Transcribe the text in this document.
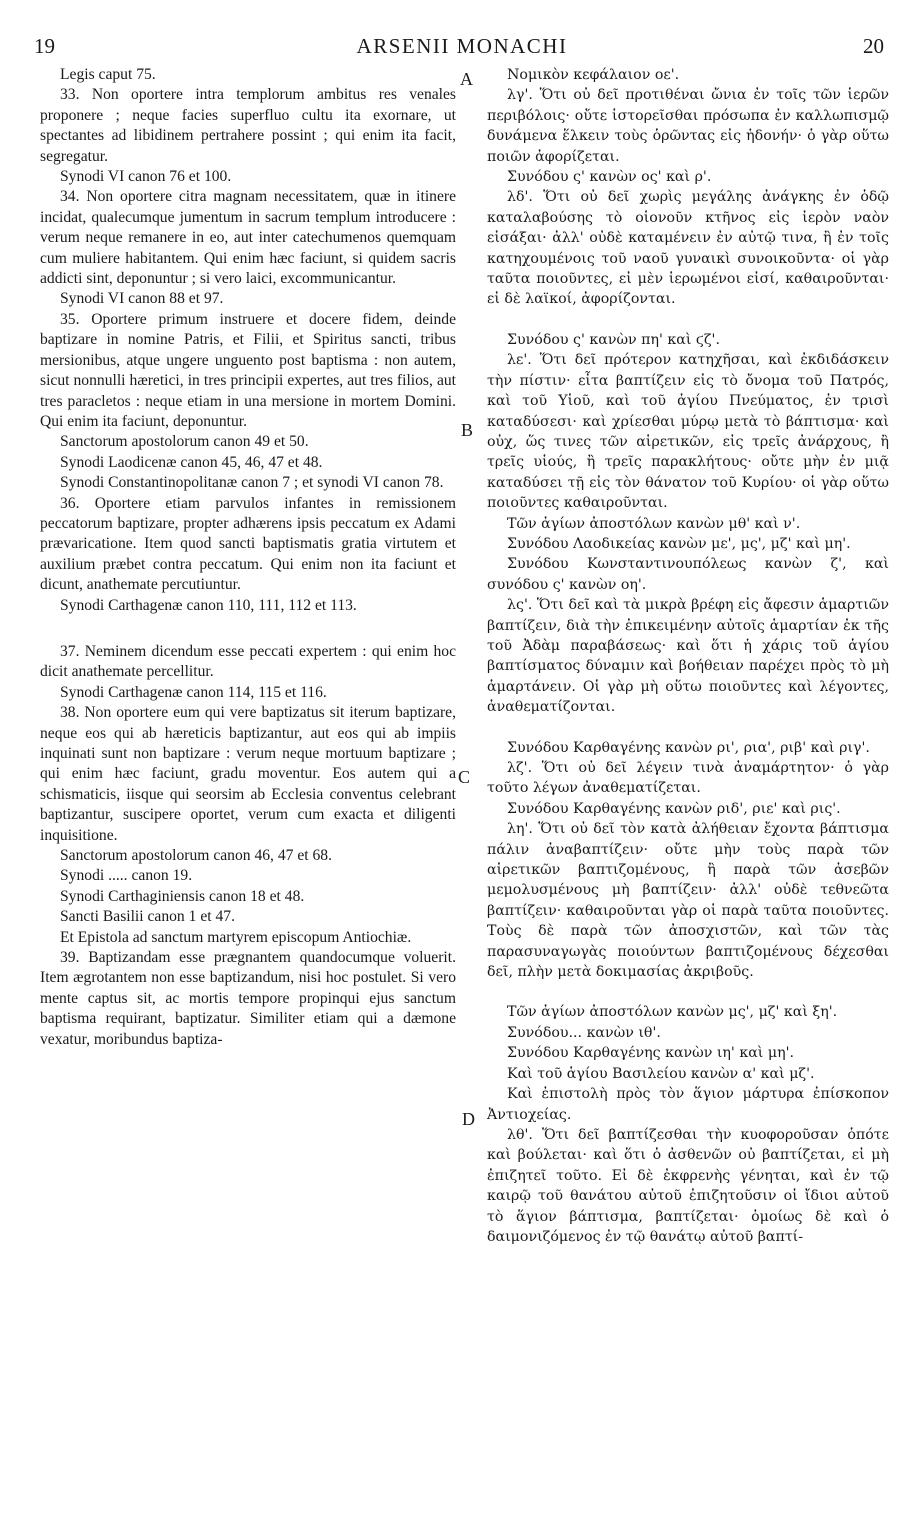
19	ARSENII MONACHI	20
A
B
C
D
Legis caput 75.
33. Non oportere intra templorum ambitus res venales proponere ; neque facies superfluo cultu ita exornare, ut spectantes ad libidinem pertrahere possint ; qui enim ita facit, segregatur.
Synodi VI canon 76 et 100.
34. Non oportere citra magnam necessitatem, quæ in itinere incidat, qualecumque jumentum in sacrum templum introducere : verum neque remanere in eo, aut inter catechumenos quemquam cum muliere habitantem. Qui enim hæc faciunt, si quidem sacris addicti sint, deponuntur ; si vero laici, excommunicantur.
Synodi VI canon 88 et 97.
35. Oportere primum instruere et docere fidem, deinde baptizare in nomine Patris, et Filii, et Spiritus sancti, tribus mersionibus, atque ungere unguento post baptisma : non autem, sicut nonnulli hæretici, in tres principii expertes, aut tres filios, aut tres paracletos : neque etiam in una mersione in mortem Domini. Qui enim ita faciunt, deponuntur.
Sanctorum apostolorum canon 49 et 50.
Synodi Laodicenæ canon 45, 46, 47 et 48.
Synodi Constantinopolitanæ canon 7 ; et synodi VI canon 78.
36. Oportere etiam parvulos infantes in remissionem peccatorum baptizare, propter adhærens ipsis peccatum ex Adami prævaricatione. Item quod sancti baptismatis gratia virtutem et auxilium præbet contra peccatum. Qui enim non ita faciunt et dicunt, anathemate percutiuntur.
Synodi Carthagenæ canon 110, 111, 112 et 113.
37. Neminem dicendum esse peccati expertem : qui enim hoc dicit anathemate percellitur.
Synodi Carthagenæ canon 114, 115 et 116.
38. Non oportere eum qui vere baptizatus sit iterum baptizare, neque eos qui ab hæreticis baptizantur, aut eos qui ab impiis inquinati sunt non baptizare : verum neque mortuum baptizare ; qui enim hæc faciunt, gradu moventur. Eos autem qui a schismaticis, iisque qui seorsim ab Ecclesia conventus celebrant baptizantur, suscipere oportet, verum cum exacta et diligenti inquisitione.
Sanctorum apostolorum canon 46, 47 et 68.
Synodi ..... canon 19.
Synodi Carthaginiensis canon 18 et 48.
Sancti Basilii canon 1 et 47.
Et Epistola ad sanctum martyrem episcopum Antiochiæ.
39. Baptizandam esse prægnantem quandocumque voluerit. Item ægrotantem non esse baptizandum, nisi hoc postulet. Si vero mente captus sit, ac mortis tempore propinqui ejus sanctum baptisma requirant, baptizatur. Similiter etiam qui a dæmone vexatur, moribundus baptiza-
Νομικὸν κεφάλαιον οε'.
λγ'. Ὅτι οὐ δεῖ προτιθέναι ὤνια ἐν τοῖς τῶν ἱερῶν περιβόλοις· οὔτε ἱστορεῖσθαι πρόσωπα ἐν καλλωπισμῷ δυνάμενα ἕλκειν τοὺς ὁρῶντας εἰς ἡδονήν· ὁ γὰρ οὕτω ποιῶν ἀφορίζεται.
Συνόδου ς' κανὼν ος' καὶ ρ'.
λδ'. Ὅτι οὐ δεῖ χωρὶς μεγάλης ἀνάγκης ἐν ὁδῷ καταλαβούσης τὸ οἱονοῦν κτῆνος εἰς ἱερὸν ναὸν εἰσάξαι· ἀλλ' οὐδὲ καταμένειν ἐν αὐτῷ τινα, ἢ ἐν τοῖς κατηχουμένοις τοῦ ναοῦ γυναικὶ συνοικοῦντα· οἱ γὰρ ταῦτα ποιοῦντες, εἰ μὲν ἱερωμένοι εἰσί, καθαιροῦνται· εἰ δὲ λαϊκοί, ἀφορίζονται.
Συνόδου ς' κανὼν πη' καὶ ϛζ'.
λε'. Ὅτι δεῖ πρότερον κατηχῆσαι, καὶ ἐκδιδάσκειν τὴν πίστιν· εἶτα βαπτίζειν εἰς τὸ ὄνομα τοῦ Πατρός, καὶ τοῦ Υἱοῦ, καὶ τοῦ ἁγίου Πνεύματος, ἐν τρισὶ καταδύσεσι· καὶ χρίεσθαι μύρῳ μετὰ τὸ βάπτισμα· καὶ οὐχ, ὥς τινες τῶν αἱρετικῶν, εἰς τρεῖς ἀνάρχους, ἢ τρεῖς υἱούς, ἢ τρεῖς παρακλήτους· οὔτε μὴν ἐν μιᾷ καταδύσει τῇ εἰς τὸν θάνατον τοῦ Κυρίου· οἱ γὰρ οὕτω ποιοῦντες καθαιροῦνται.
Τῶν ἁγίων ἀποστόλων κανὼν μθ' καὶ ν'.
Συνόδου Λαοδικείας κανὼν με', μς', μζ' καὶ μη'.
Συνόδου Κωνσταντινουπόλεως κανὼν ζ', καὶ συνόδου ς' κανὼν οη'.
λς'. Ὅτι δεῖ καὶ τὰ μικρὰ βρέφη εἰς ἄφεσιν ἁμαρτιῶν βαπτίζειν, διὰ τὴν ἐπικειμένην αὐτοῖς ἁμαρτίαν ἐκ τῆς τοῦ Ἀδὰμ παραβάσεως· καὶ ὅτι ἡ χάρις τοῦ ἁγίου βαπτίσματος δύναμιν καὶ βοήθειαν παρέχει πρὸς τὸ μὴ ἁμαρτάνειν. Οἱ γὰρ μὴ οὕτω ποιοῦντες καὶ λέγοντες, ἀναθεματίζονται.
Συνόδου Καρθαγένης κανὼν ρι', ρια', ριβ' καὶ ριγ'.
λζ'. Ὅτι οὐ δεῖ λέγειν τινὰ ἀναμάρτητον· ὁ γὰρ τοῦτο λέγων ἀναθεματίζεται.
Συνόδου Καρθαγένης κανὼν ριδ', ριε' καὶ ρις'.
λη'. Ὅτι οὐ δεῖ τὸν κατὰ ἀλήθειαν ἔχοντα βάπτισμα πάλιν ἀναβαπτίζειν· οὔτε μὴν τοὺς παρὰ τῶν αἱρετικῶν βαπτιζομένους, ἢ παρὰ τῶν ἀσεβῶν μεμολυσμένους μὴ βαπτίζειν· ἀλλ' οὐδὲ τεθνεῶτα βαπτίζειν· καθαιροῦνται γὰρ οἱ παρὰ ταῦτα ποιοῦντες. Τοὺς δὲ παρὰ τῶν ἀποσχιστῶν, καὶ τῶν τὰς παρασυναγωγὰς ποιούντων βαπτιζομένους δέχεσθαι δεῖ, πλὴν μετὰ δοκιμασίας ἀκριβοῦς.
Τῶν ἁγίων ἀποστόλων κανὼν μς', μζ' καὶ ξη'.
Συνόδου... κανὼν ιθ'.
Συνόδου Καρθαγένης κανὼν ιη' καὶ μη'.
Καὶ τοῦ ἁγίου Βασιλείου κανὼν α' καὶ μζ'.
Καὶ ἐπιστολὴ πρὸς τὸν ἅγιον μάρτυρα ἐπίσκοπον Ἀντιοχείας.
λθ'. Ὅτι δεῖ βαπτίζεσθαι τὴν κυοφοροῦσαν ὁπότε καὶ βούλεται· καὶ ὅτι ὁ ἀσθενῶν οὐ βαπτίζεται, εἰ μὴ ἐπιζητεῖ τοῦτο. Εἰ δὲ ἐκφρενὴς γένηται, καὶ ἐν τῷ καιρῷ τοῦ θανάτου αὐτοῦ ἐπιζητοῦσιν οἱ ἴδιοι αὐτοῦ τὸ ἅγιον βάπτισμα, βαπτίζεται· ὁμοίως δὲ καὶ ὁ δαιμονιζόμενος ἐν τῷ θανάτῳ αὐτοῦ βαπτί-
